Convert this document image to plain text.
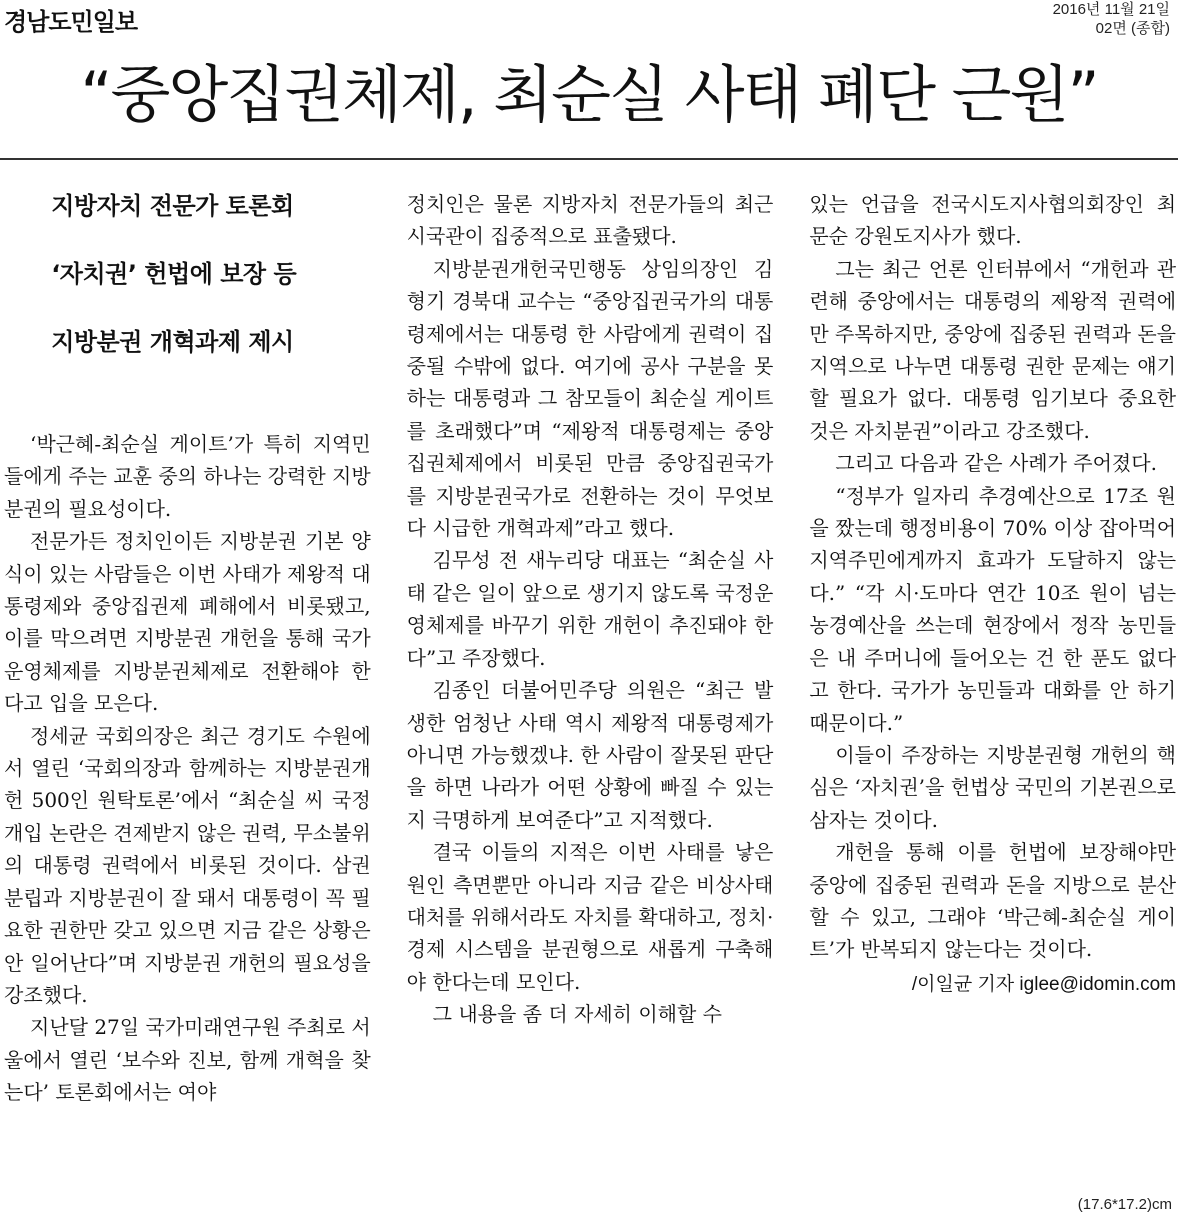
경남도민일보	2016년 11월 21일
02면 (종합)
“중앙집권체제, 최순실 사태 폐단 근원”

지방자치 전문가 토론회

‘자치권’ 헌법에 보장 등

지방분권 개혁과제 제시

‘박근혜-최순실 게이트’가 특히 지역민들에게 주는 교훈 중의 하나는 강력한 지방분권의 필요성이다.

전문가든 정치인이든 지방분권 기본 양식이 있는 사람들은 이번 사태가 제왕적 대통령제와 중앙집권제 폐해에서 비롯됐고, 이를 막으려면 지방분권 개헌을 통해 국가운영체제를 지방분권체제로 전환해야 한다고 입을 모은다.

정세균 국회의장은 최근 경기도 수원에서 열린 ‘국회의장과 함께하는 지방분권개헌 500인 원탁토론’에서 “최순실 씨 국정개입 논란은 견제받지 않은 권력, 무소불위의 대통령 권력에서 비롯된 것이다. 삼권 분립과 지방분권이 잘 돼서 대통령이 꼭 필요한 권한만 갖고 있으면 지금 같은 상황은 안 일어난다”며 지방분권 개헌의 필요성을 강조했다.

지난달 27일 국가미래연구원 주최로 서울에서 열린 ‘보수와 진보, 함께 개혁을 찾는다’ 토론회에서는 여야

정치인은 물론 지방자치 전문가들의 최근 시국관이 집중적으로 표출됐다.

지방분권개헌국민행동 상임의장인 김형기 경북대 교수는 “중앙집권국가의 대통령제에서는 대통령 한 사람에게 권력이 집중될 수밖에 없다. 여기에 공사 구분을 못 하는 대통령과 그 참모들이 최순실 게이트를 초래했다”며 “제왕적 대통령제는 중앙집권체제에서 비롯된 만큼 중앙집권국가를 지방분권국가로 전환하는 것이 무엇보다 시급한 개혁과제”라고 했다.

김무성 전 새누리당 대표는 “최순실 사태 같은 일이 앞으로 생기지 않도록 국정운영체제를 바꾸기 위한 개헌이 추진돼야 한다”고 주장했다.

김종인 더불어민주당 의원은 “최근 발생한 엄청난 사태 역시 제왕적 대통령제가 아니면 가능했겠냐. 한 사람이 잘못된 판단을 하면 나라가 어떤 상황에 빠질 수 있는지 극명하게 보여준다”고 지적했다.

결국 이들의 지적은 이번 사태를 낳은 원인 측면뿐만 아니라 지금 같은 비상사태 대처를 위해서라도 자치를 확대하고, 정치·경제 시스템을 분권형으로 새롭게 구축해야 한다는데 모인다.

그 내용을 좀 더 자세히 이해할 수

있는 언급을 전국시도지사협의회장인 최문순 강원도지사가 했다.

그는 최근 언론 인터뷰에서 “개헌과 관련해 중앙에서는 대통령의 제왕적 권력에만 주목하지만, 중앙에 집중된 권력과 돈을 지역으로 나누면 대통령 권한 문제는 얘기할 필요가 없다. 대통령 임기보다 중요한 것은 자치분권”이라고 강조했다.

그리고 다음과 같은 사례가 주어졌다.

“정부가 일자리 추경예산으로 17조 원을 짰는데 행정비용이 70% 이상 잡아먹어 지역주민에게까지 효과가 도달하지 않는다.” “각 시·도마다 연간 10조 원이 넘는 농경예산을 쓰는데 현장에서 정작 농민들은 내 주머니에 들어오는 건 한 푼도 없다고 한다. 국가가 농민들과 대화를 안 하기 때문이다.”

이들이 주장하는 지방분권형 개헌의 핵심은 ‘자치권’을 헌법상 국민의 기본권으로 삼자는 것이다.

개헌을 통해 이를 헌법에 보장해야만 중앙에 집중된 권력과 돈을 지방으로 분산할 수 있고, 그래야 ‘박근혜-최순실 게이트’가 반복되지 않는다는 것이다.

/이일균 기자 iglee@idomin.com
(17.6*17.2)cm
